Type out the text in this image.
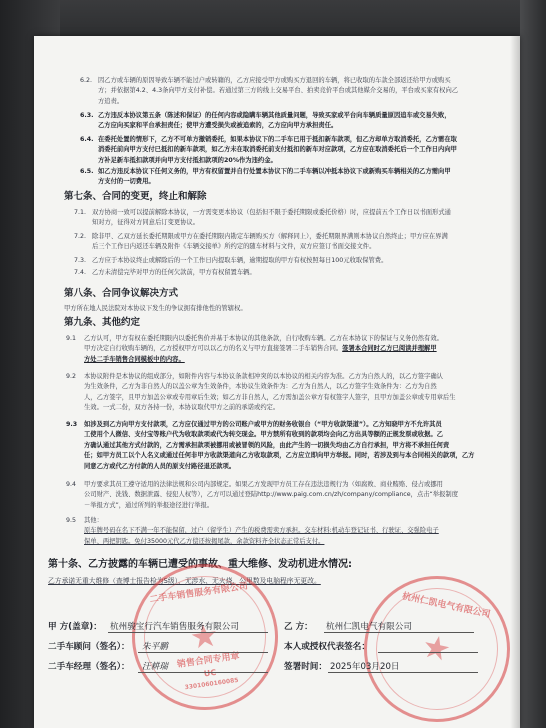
6.2. 因乙方或车辆的原因导致车辆不能过户或转籍的，乙方应接受甲方或购买方退回的车辆，将已收取的车款全部返还给甲方或购买
方；并依据第4.2、4.3条向甲方支付补偿。若通过第三方的线上交易平台、拍卖竞价平台或其他媒介交易的，平台或买家有权向乙
方追责。
6.3. 乙方违反本协议第五条（陈述和保证）的任何内容或隐瞒车辆其他质量问题，导致买家或平台向车辆质量原因追车或交易失败，
乙方应向买家和平台承担责任；使甲方遭受损失或被追索的，乙方应向甲方承担责任。
6.4. 在委托处置的情形下，乙方不可单方撤销委托，如果本协议下的二手车已用于抵扣新车款项，但乙方却单方取消委托，乙方需在取
消委托前向甲方支付已抵扣的新车款项，如乙方未在取消委托前支付抵扣的新车对应款项，乙方应在取消委托后一个工作日内向甲
方补足新车抵扣款项并向甲方支付抵扣款项的20%作为违约金。
6.5. 如乙方违反本协议下任何义务的，甲方有权留置并自行处置本协议下的二手车辆以冲抵本协议下或新购买车辆相关的乙方需向甲
方支付的一切费用。
第七条、合同的变更，终止和解除
7.1. 双方协商一致可以提前解除本协议，一方需变更本协议（包括但不限于委托期限或委托价格）时，应提前五个工作日以书面形式通
知对方，征得对方同意后订变更协议。
7.2. 除非甲、乙双方延长委托期限或甲方在委托期限内勘定车辆购买方（解释同上），委托期限界满则本协议自然终止；甲方应在界满
后三个工作日内返还车辆及附件《车辆交接单》所约定的随车材料与文件，双方应签订书面交接文件。
7.3. 乙方应于本协议终止或解除后的一个工作日内提取车辆，逾期提取的甲方有权按照每日100元收取保管费。
7.4. 乙方未清偿完毕对甲方的任何欠款前，甲方有权留置车辆。
第八条、合同争议解决方式
甲方所在地人民法院对本协议下发生的争议拥有排他性的管辖权。
第九条、其他约定
9.1 乙方认可，甲方有权在委托期限内以委托售价并基于本协议的其他条款，自行收购车辆。乙方在本协议下的保证与义务仍然有效。
甲方决定自行收购车辆的，乙方授权甲方可以以乙方的名义与甲方直接签署二手车销售合同。签署本合同时乙方已阅读并理解甲
方处二手车销售合同模板中的内容。
9.2 本协议附件是本协议的组成部分，如附件内容与本协议条款相冲突的以本协议的相关内容为准。乙方为自然人的，以乙方签字确认
为生效条件，乙方为非自然人的以盖公章为生效条件，本协议生效条件为：乙方为自然人，以乙方签字生效条件为：乙方为自然
人，乙方签字，且甲方加盖公章或专用章后生效；如乙方非自然人，乙方需加盖公章方有权签字人签字，且甲方加盖公章或专用章后生
生效。一式二份，双方各持一份，本协议取代甲方之前的承诺或约定。
9.3 如涉及到乙方向甲方支付款项，乙方应仅通过甲方的公司账户或甲方的财务收银台（“甲方收款渠道”）。乙方知晓甲方不允许其员
工使用个人微信、支付宝等账户代为收取款项或代为转交现金。甲方禁所有收到的款项均会向乙方出具等额的正规发票或收据。乙
方确认通过其他方式付款的，乙方需承担款项被挪用或被冒领的风险，由此产生的一切损失均由乙方自行承担，甲方将不承担任何责
任；如甲方员工以个人名义或通过任何非甲方收款渠道向乙方收取款项，乙方应立即向甲方举报。同时，若涉及到与本合同相关的款项，乙方
同意乙方或代乙方付款的人员的原支付路径退还款项。
9.4 甲方要求其员工遵守适用的法律法规和公司内部规定。如果乙方发现甲方员工存在违法违规行为（如腐败、商业贿赂、侵占或挪用
公司财产、洗钱、数据泄露、侵犯人权等），乙方可以通过登陆http://www.paig.com.cn/zh/company/compliance，点击“举报制度
－举报方式”，通过所列的举报途径进行举报。
9.5 其他：
原车牌号码在名下不满一年不能保留，过户（留学生）产生的税费需卖方承担。交车材料:机动车登记证书、行驶证、交强险电子
保单、两把钥匙。免付35000元代乙方偿还按揭尾款，余款资料齐全状态正常后支付。
第十条、乙方披露的车辆已遭受的事故、重大维修、发动机进水情况:
乙方承诺无重大维修（查博士报告检为S级），无涉水、无火烧、公里数及电脑程序无更改。
★
二手车销售服务有限公司
销售合同专用章
UC
3301060160085
★
杭州仁凯电气有限公司
甲 方(盖章)： 杭州骏宝行汽车销售服务有限公司	乙 方： 杭州仁凯电气有限公司
二手车顾问（签名）： 朱平鹏	本人或授权代表签名：
二手车经理（签名）： 汪耕瑞	签署时间： 2025年03月20日
